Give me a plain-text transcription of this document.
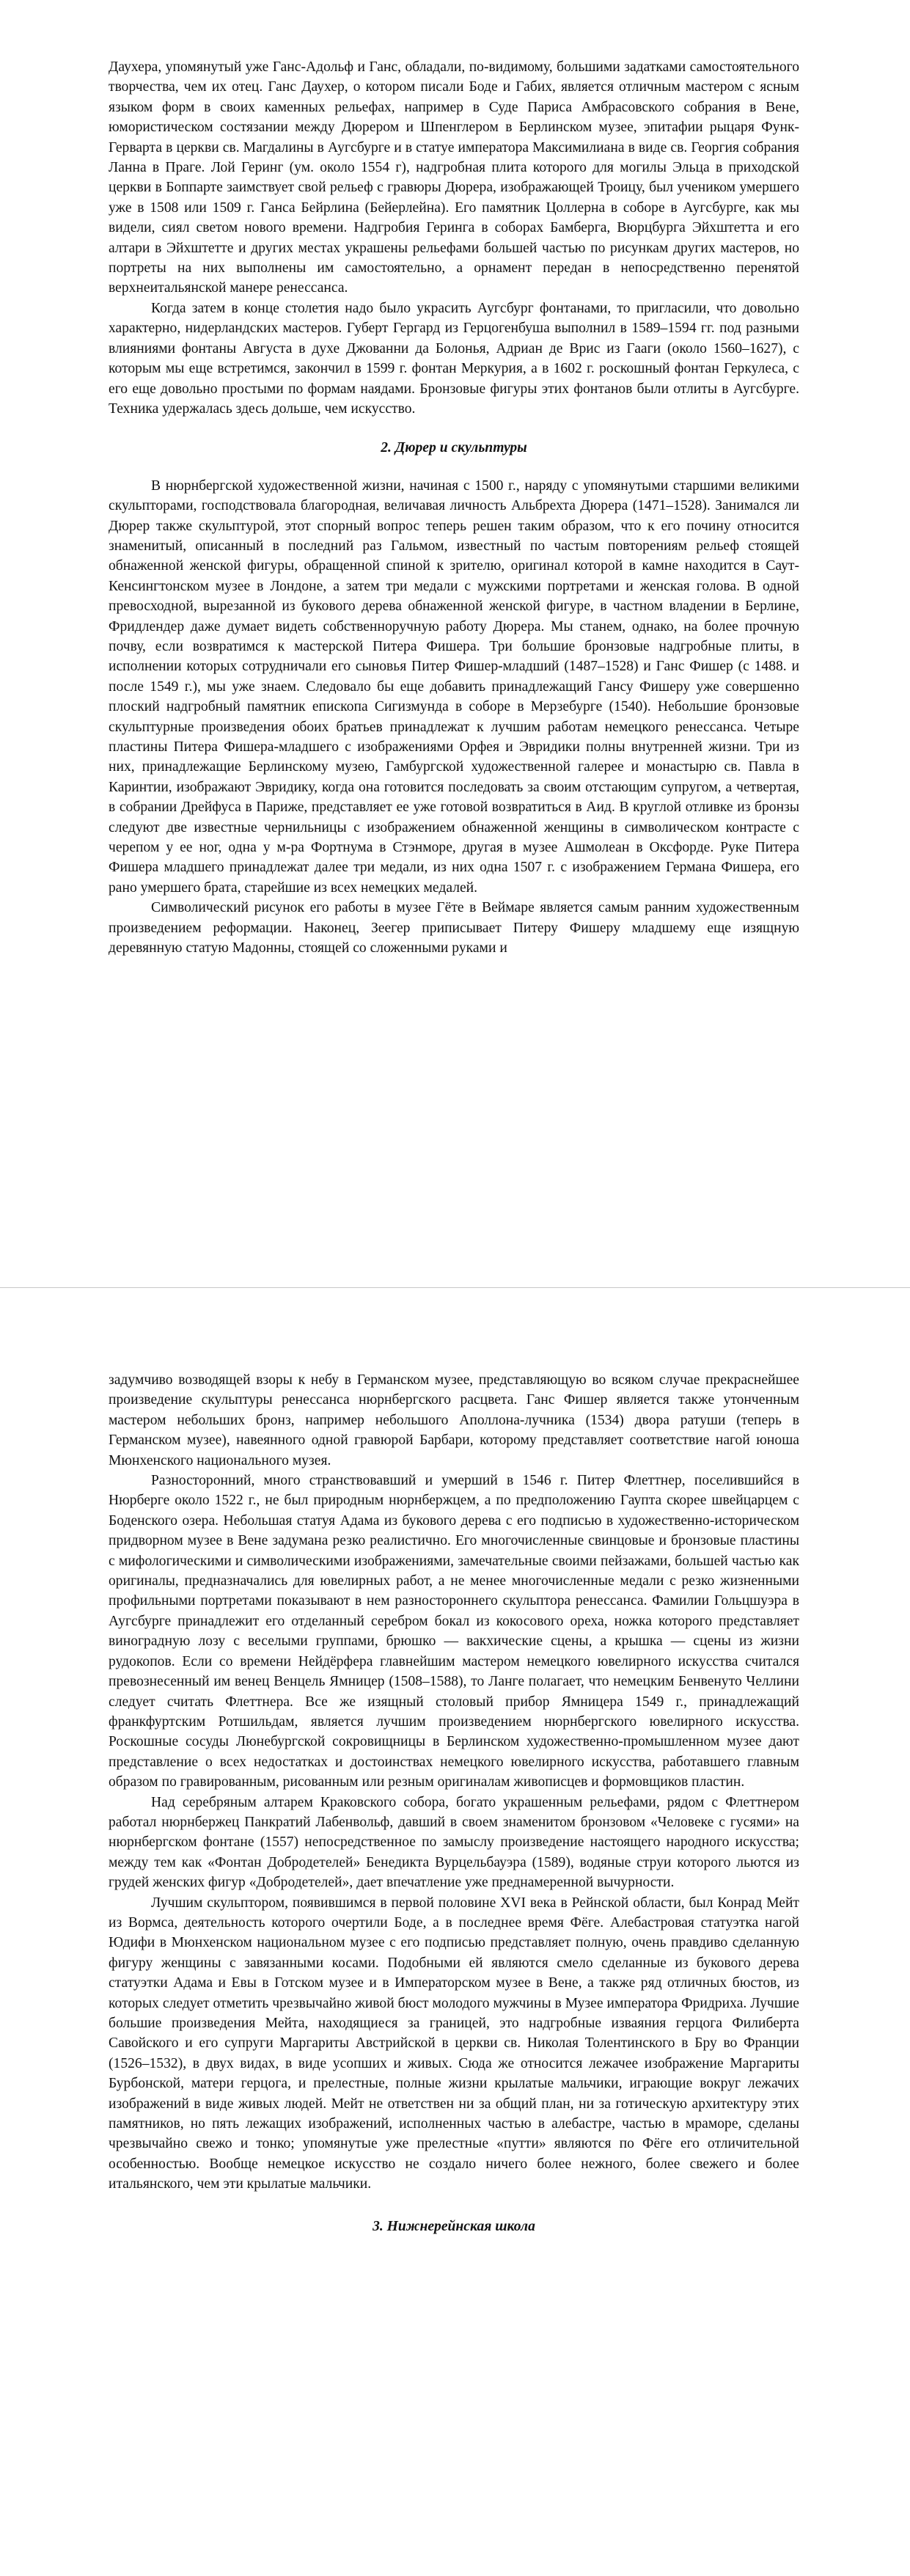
Даухера, упомянутый уже Ганс-Адольф и Ганс, обладали, по-видимому, большими задатками самостоятельного творчества, чем их отец. Ганс Даухер, о котором писали Боде и Габих, является отличным мастером с ясным языком форм в своих каменных рельефах, например в Суде Париса Амбрасовского собрания в Вене, юмористическом состязании между Дюрером и Шпенглером в Берлинском музее, эпитафии рыцаря Функ-Герварта в церкви св. Магдалины в Аугсбурге и в статуе императора Максимилиана в виде св. Георгия собрания Ланна в Праге. Лой Геринг (ум. около 1554 г), надгробная плита которого для могилы Эльца в приходской церкви в Боппарте заимствует свой рельеф с гравюры Дюрера, изображающей Троицу, был учеником умершего уже в 1508 или 1509 г. Ганса Бейрлина (Бейерлейна). Его памятник Цоллерна в соборе в Аугсбурге, как мы видели, сиял светом нового времени. Надгробия Геринга в соборах Бамберга, Вюрцбурга Эйхштетта и его алтари в Эйхштетте и других местах украшены рельефами большей частью по рисункам других мастеров, но портреты на них выполнены им самостоятельно, а орнамент передан в непосредственно перенятой верхнеитальянской манере ренессанса.

Когда затем в конце столетия надо было украсить Аугсбург фонтанами, то пригласили, что довольно характерно, нидерландских мастеров. Губерт Гергард из Герцогенбуша выполнил в 1589–1594 гг. под разными влияниями фонтаны Августа в духе Джованни да Болонья, Адриан де Врис из Гааги (около 1560–1627), с которым мы еще встретимся, закончил в 1599 г. фонтан Меркурия, а в 1602 г. роскошный фонтан Геркулеса, с его еще довольно простыми по формам наядами. Бронзовые фигуры этих фонтанов были отлиты в Аугсбурге. Техника удержалась здесь дольше, чем искусство.

2. Дюрер и скульптуры

В нюрнбергской художественной жизни, начиная с 1500 г., наряду с упомянутыми старшими великими скульпторами, господствовала благородная, величавая личность Альбрехта Дюрера (1471–1528). Занимался ли Дюрер также скульптурой, этот спорный вопрос теперь решен таким образом, что к его почину относится знаменитый, описанный в последний раз Гальмом, известный по частым повторениям рельеф стоящей обнаженной женской фигуры, обращенной спиной к зрителю, оригинал которой в камне находится в Саут-Кенсингтонском музее в Лондоне, а затем три медали с мужскими портретами и женская голова. В одной превосходной, вырезанной из букового дерева обнаженной женской фигуре, в частном владении в Берлине, Фридлендер даже думает видеть собственноручную работу Дюрера. Мы станем, однако, на более прочную почву, если возвратимся к мастерской Питера Фишера. Три большие бронзовые надгробные плиты, в исполнении которых сотрудничали его сыновья Питер Фишер-младший (1487–1528) и Ганс Фишер (с 1488. и после 1549 г.), мы уже знаем. Следовало бы еще добавить принадлежащий Гансу Фишеру уже совершенно плоский надгробный памятник епископа Сигизмунда в соборе в Мерзебурге (1540). Небольшие бронзовые скульптурные произведения обоих братьев принадлежат к лучшим работам немецкого ренессанса. Четыре пластины Питера Фишера-младшего с изображениями Орфея и Эвридики полны внутренней жизни. Три из них, принадлежащие Берлинскому музею, Гамбургской художественной галерее и монастырю св. Павла в Каринтии, изображают Эвридику, когда она готовится последовать за своим отстающим супругом, а четвертая, в собрании Дрейфуса в Париже, представляет ее уже готовой возвратиться в Аид. В круглой отливке из бронзы следуют две известные чернильницы с изображением обнаженной женщины в символическом контрасте с черепом у ее ног, одна у м-ра Фортнума в Стэнморе, другая в музее Ашмолеан в Оксфорде. Руке Питера Фишера младшего принадлежат далее три медали, из них одна 1507 г. с изображением Германа Фишера, его рано умершего брата, старейшие из всех немецких медалей.

Символический рисунок его работы в музее Гёте в Веймаре является самым ранним художественным произведением реформации. Наконец, Зеегер приписывает Питеру Фишеру младшему еще изящную деревянную статую Мадонны, стоящей со сложенными руками и

задумчиво возводящей взоры к небу в Германском музее, представляющую во всяком случае прекраснейшее произведение скульптуры ренессанса нюрнбергского расцвета. Ганс Фишер является также утонченным мастером небольших бронз, например небольшого Аполлона-лучника (1534) двора ратуши (теперь в Германском музее), навеянного одной гравюрой Барбари, которому представляет соответствие нагой юноша Мюнхенского национального музея.

Разносторонний, много странствовавший и умерший в 1546 г. Питер Флеттнер, поселившийся в Нюрберге около 1522 г., не был природным нюрнбержцем, а по предположению Гаупта скорее швейцарцем с Боденского озера. Небольшая статуя Адама из букового дерева с его подписью в художественно-историческом придворном музее в Вене задумана резко реалистично. Его многочисленные свинцовые и бронзовые пластины с мифологическими и символическими изображениями, замечательные своими пейзажами, большей частью как оригиналы, предназначались для ювелирных работ, а не менее многочисленные медали с резко жизненными профильными портретами показывают в нем разностороннего скульптора ренессанса. Фамилии Гольцшуэра в Аугсбурге принадлежит его отделанный серебром бокал из кокосового ореха, ножка которого представляет виноградную лозу с веселыми группами, брюшко — вакхические сцены, а крышка — сцены из жизни рудокопов. Если со времени Нейдёрфера главнейшим мастером немецкого ювелирного искусства считался превознесенный им венец Венцель Ямницер (1508–1588), то Ланге полагает, что немецким Бенвенуто Челлини следует считать Флеттнера. Все же изящный столовый прибор Ямницера 1549 г., принадлежащий франкфуртским Ротшильдам, является лучшим произведением нюрнбергского ювелирного искусства. Роскошные сосуды Люнебургской сокровищницы в Берлинском художественно-промышленном музее дают представление о всех недостатках и достоинствах немецкого ювелирного искусства, работавшего главным образом по гравированным, рисованным или резным оригиналам живописцев и формовщиков пластин.

Над серебряным алтарем Краковского собора, богато украшенным рельефами, рядом с Флеттнером работал нюрнбержец Панкратий Лабенвольф, давший в своем знаменитом бронзовом «Человеке с гусями» на нюрнбергском фонтане (1557) непосредственное по замыслу произведение настоящего народного искусства; между тем как «Фонтан Добродетелей» Бенедикта Вурцельбауэра (1589), водяные струи которого льются из грудей женских фигур «Добродетелей», дает впечатление уже преднамеренной вычурности.

Лучшим скульптором, появившимся в первой половине XVI века в Рейнской области, был Конрад Мейт из Вормса, деятельность которого очертили Боде, а в последнее время Фёге. Алебастровая статуэтка нагой Юдифи в Мюнхенском национальном музее с его подписью представляет полную, очень правдиво сделанную фигуру женщины с завязанными косами. Подобными ей являются смело сделанные из букового дерева статуэтки Адама и Евы в Готском музее и в Императорском музее в Вене, а также ряд отличных бюстов, из которых следует отметить чрезвычайно живой бюст молодого мужчины в Музее императора Фридриха. Лучшие большие произведения Мейта, находящиеся за границей, это надгробные изваяния герцога Филиберта Савойского и его супруги Маргариты Австрийской в церкви св. Николая Толентинского в Бру во Франции (1526–1532), в двух видах, в виде усопших и живых. Сюда же относится лежачее изображение Маргариты Бурбонской, матери герцога, и прелестные, полные жизни крылатые мальчики, играющие вокруг лежачих изображений в виде живых людей. Мейт не ответствен ни за общий план, ни за готическую архитектуру этих памятников, но пять лежащих изображений, исполненных частью в алебастре, частью в мраморе, сделаны чрезвычайно свежо и тонко; упомянутые уже прелестные «путти» являются по Фёге его отличительной особенностью. Вообще немецкое искусство не создало ничего более нежного, более свежего и более итальянского, чем эти крылатые мальчики.

3. Нижнерейнская школа
